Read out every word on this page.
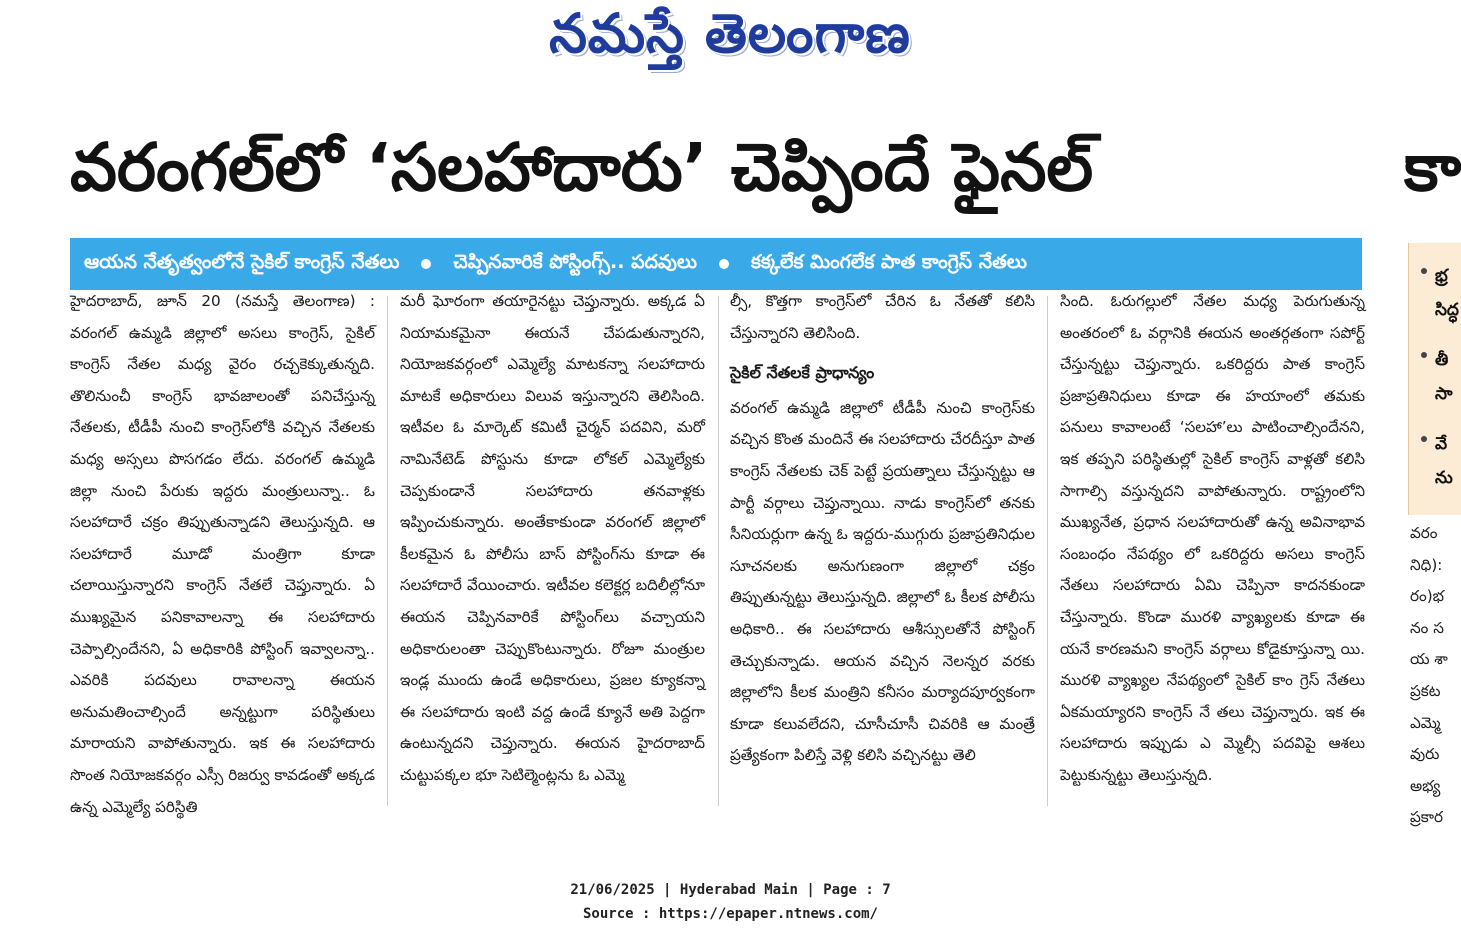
నమస్తే తెలంగాణ
వరంగల్‌లో ‘సలహాదారు’ చెప్పిందే ఫైనల్	కా
ఆయన నేతృత్వంలోనే సైకిల్ కాంగ్రెస్ నేతలు	చెప్పినవారికే పోస్టింగ్స్.. పదవులు	కక్కలేక మింగలేక పాత కాంగ్రెస్ నేతలు
భ్ర సిద్ధ
తీ సా
వే ను
హైదరాబాద్, జూన్ 20 (నమస్తే తెలంగాణ) : వరంగల్ ఉమ్మడి జిల్లాలో అసలు కాంగ్రెస్, సైకిల్ కాంగ్రెస్ నేతల మధ్య వైరం రచ్చకెక్కుతున్నది. తొలినుంచీ కాంగ్రెస్ భావజాలంతో పనిచేస్తున్న నేతలకు, టీడీపీ నుంచి కాంగ్రెస్‌లోకి వచ్చిన నేతలకు మధ్య అస్సలు పొసగడం లేదు. వరంగల్ ఉమ్మడి జిల్లా నుంచి పేరుకు ఇద్దరు మంత్రులున్నా.. ఓ సలహాదారే చక్రం తిప్పుతున్నాడని తెలుస్తున్నది. ఆ సలహాదారే మూడో మంత్రిగా కూడా చలాయిస్తున్నారని కాంగ్రెస్ నేతలే చెప్తున్నారు. ఏ ముఖ్యమైన పనికావాలన్నా ఈ సలహాదారు చెప్పాల్సిందేనని, ఏ అధికారికి పోస్టింగ్ ఇవ్వాలన్నా.. ఎవరికి పదవులు రావాలన్నా ఈయన అనుమతించాల్సిందే అన్నట్టుగా పరిస్థితులు మారాయని వాపోతున్నారు. ఇక ఈ సలహాదారు సొంత నియోజకవర్గం ఎస్సీ రిజర్వు కావడంతో అక్కడ ఉన్న ఎమ్మెల్యే పరిస్థితి
మరీ ఘోరంగా తయారైనట్టు చెప్తున్నారు. అక్కడ ఏ నియామకమైనా ఈయనే చేపడుతున్నారని, నియోజకవర్గంలో ఎమ్మెల్యే మాటకన్నా సలహాదారు మాటకే అధికారులు విలువ ఇస్తున్నారని తెలిసింది. ఇటీవల ఓ మార్కెట్ కమిటీ చైర్మన్ పదవిని, మరో నామినేటెడ్ పోస్టును కూడా లోకల్ ఎమ్మెల్యేకు చెప్పకుండానే సలహాదారు తనవాళ్లకు ఇప్పించుకున్నారు. అంతేకాకుండా వరంగల్ జిల్లాలో కీలకమైన ఓ పోలీసు బాస్ పోస్టింగ్‌ను కూడా ఈ సలహాదారే వేయించారు. ఇటీవల కలెక్టర్ల బదిలీల్లోనూ ఈయన చెప్పినవారికే పోస్టింగ్‌లు వచ్చాయని అధికారులంతా చెప్పుకొంటున్నారు. రోజూ మంత్రుల ఇండ్ల ముందు ఉండే అధికారులు, ప్రజల క్యూకన్నా ఈ సలహాదారు ఇంటి వద్ద ఉండే క్యూనే అతి పెద్దగా ఉంటున్నదని చెప్తున్నారు. ఈయన హైదరాబాద్ చుట్టుపక్కల భూ సెటిల్మెంట్లను ఓ ఎమ్మె
ల్సీ, కొత్తగా కాంగ్రెస్‌లో చేరిన ఓ నేతతో కలిసి చేస్తున్నారని తెలిసింది.
సైకిల్ నేతలకే ప్రాధాన్యం
వరంగల్ ఉమ్మడి జిల్లాలో టీడీపీ నుంచి కాంగ్రెస్‌కు వచ్చిన కొంత మందినే ఈ సలహాదారు చేరదీస్తూ పాత కాంగ్రెస్ నేతలకు చెక్ పెట్టే ప్రయత్నాలు చేస్తున్నట్టు ఆ పార్టీ వర్గాలు చెప్తున్నాయి. నాడు కాంగ్రెస్‌లో తనకు సీనియర్లుగా ఉన్న ఓ ఇద్దరు-ముగ్గురు ప్రజాప్రతినిధుల సూచనలకు అనుగుణంగా జిల్లాలో చక్రం తిప్పుతున్నట్టు తెలుస్తున్నది. జిల్లాలో ఓ కీలక పోలీసు అధికారి.. ఈ సలహాదారు ఆశీస్సులతోనే పోస్టింగ్ తెచ్చుకున్నాడు. ఆయన వచ్చిన నెలన్నర వరకు జిల్లాలోని కీలక మంత్రిని కనీసం మర్యాదపూర్వకంగా కూడా కలువలేదని, చూసీచూసీ చివరికి ఆ మంత్రే ప్రత్యేకంగా పిలిస్తే వెళ్లి కలిసి వచ్చినట్టు తెలి
సింది. ఓరుగల్లులో నేతల మధ్య పెరుగుతున్న అంతరంలో ఓ వర్గానికి ఈయన అంతర్గతంగా సపోర్ట్ చేస్తున్నట్టు చెప్తున్నారు. ఒకరిద్దరు పాత కాంగ్రెస్ ప్రజాప్రతినిధులు కూడా ఈ హయాంలో తమకు పనులు కావాలంటే ‘సలహా’లు పాటించాల్సిందేనని, ఇక తప్పని పరిస్థితుల్లో సైకిల్ కాంగ్రెస్ వాళ్లతో కలిసి సాగాల్సి వస్తున్నదని వాపోతున్నారు. రాష్ట్రంలోని ముఖ్యనేత, ప్రధాన సలహాదారుతో ఉన్న అవినాభావ సంబంధం నేపథ్యం లో ఒకరిద్దరు అసలు కాంగ్రెస్ నేతలు సలహాదారు ఏమి చెప్పినా కాదనకుండా చేస్తున్నారు. కొండా మురళి వ్యాఖ్యలకు కూడా ఈ యనే కారణమని కాంగ్రెస్ వర్గాలు కోడైకూస్తున్నా యి. మురళి వ్యాఖ్యల నేపథ్యంలో సైకిల్ కాం గ్రెస్ నేతలు ఏకమయ్యారని కాంగ్రెస్ నే తలు చెప్తున్నారు. ఇక ఈ సలహాదారు ఇప్పుడు ఎ మ్మెల్సీ పదవిపై ఆశలు పెట్టుకున్నట్టు తెలుస్తున్నది.
వరం
నిధి):
రం)భ
నం స
య శా
ప్రకట
ఎమ్మె
వురు
అభ్య
ప్రకార
21/06/2025 | Hyderabad Main | Page : 7
Source : https://epaper.ntnews.com/
